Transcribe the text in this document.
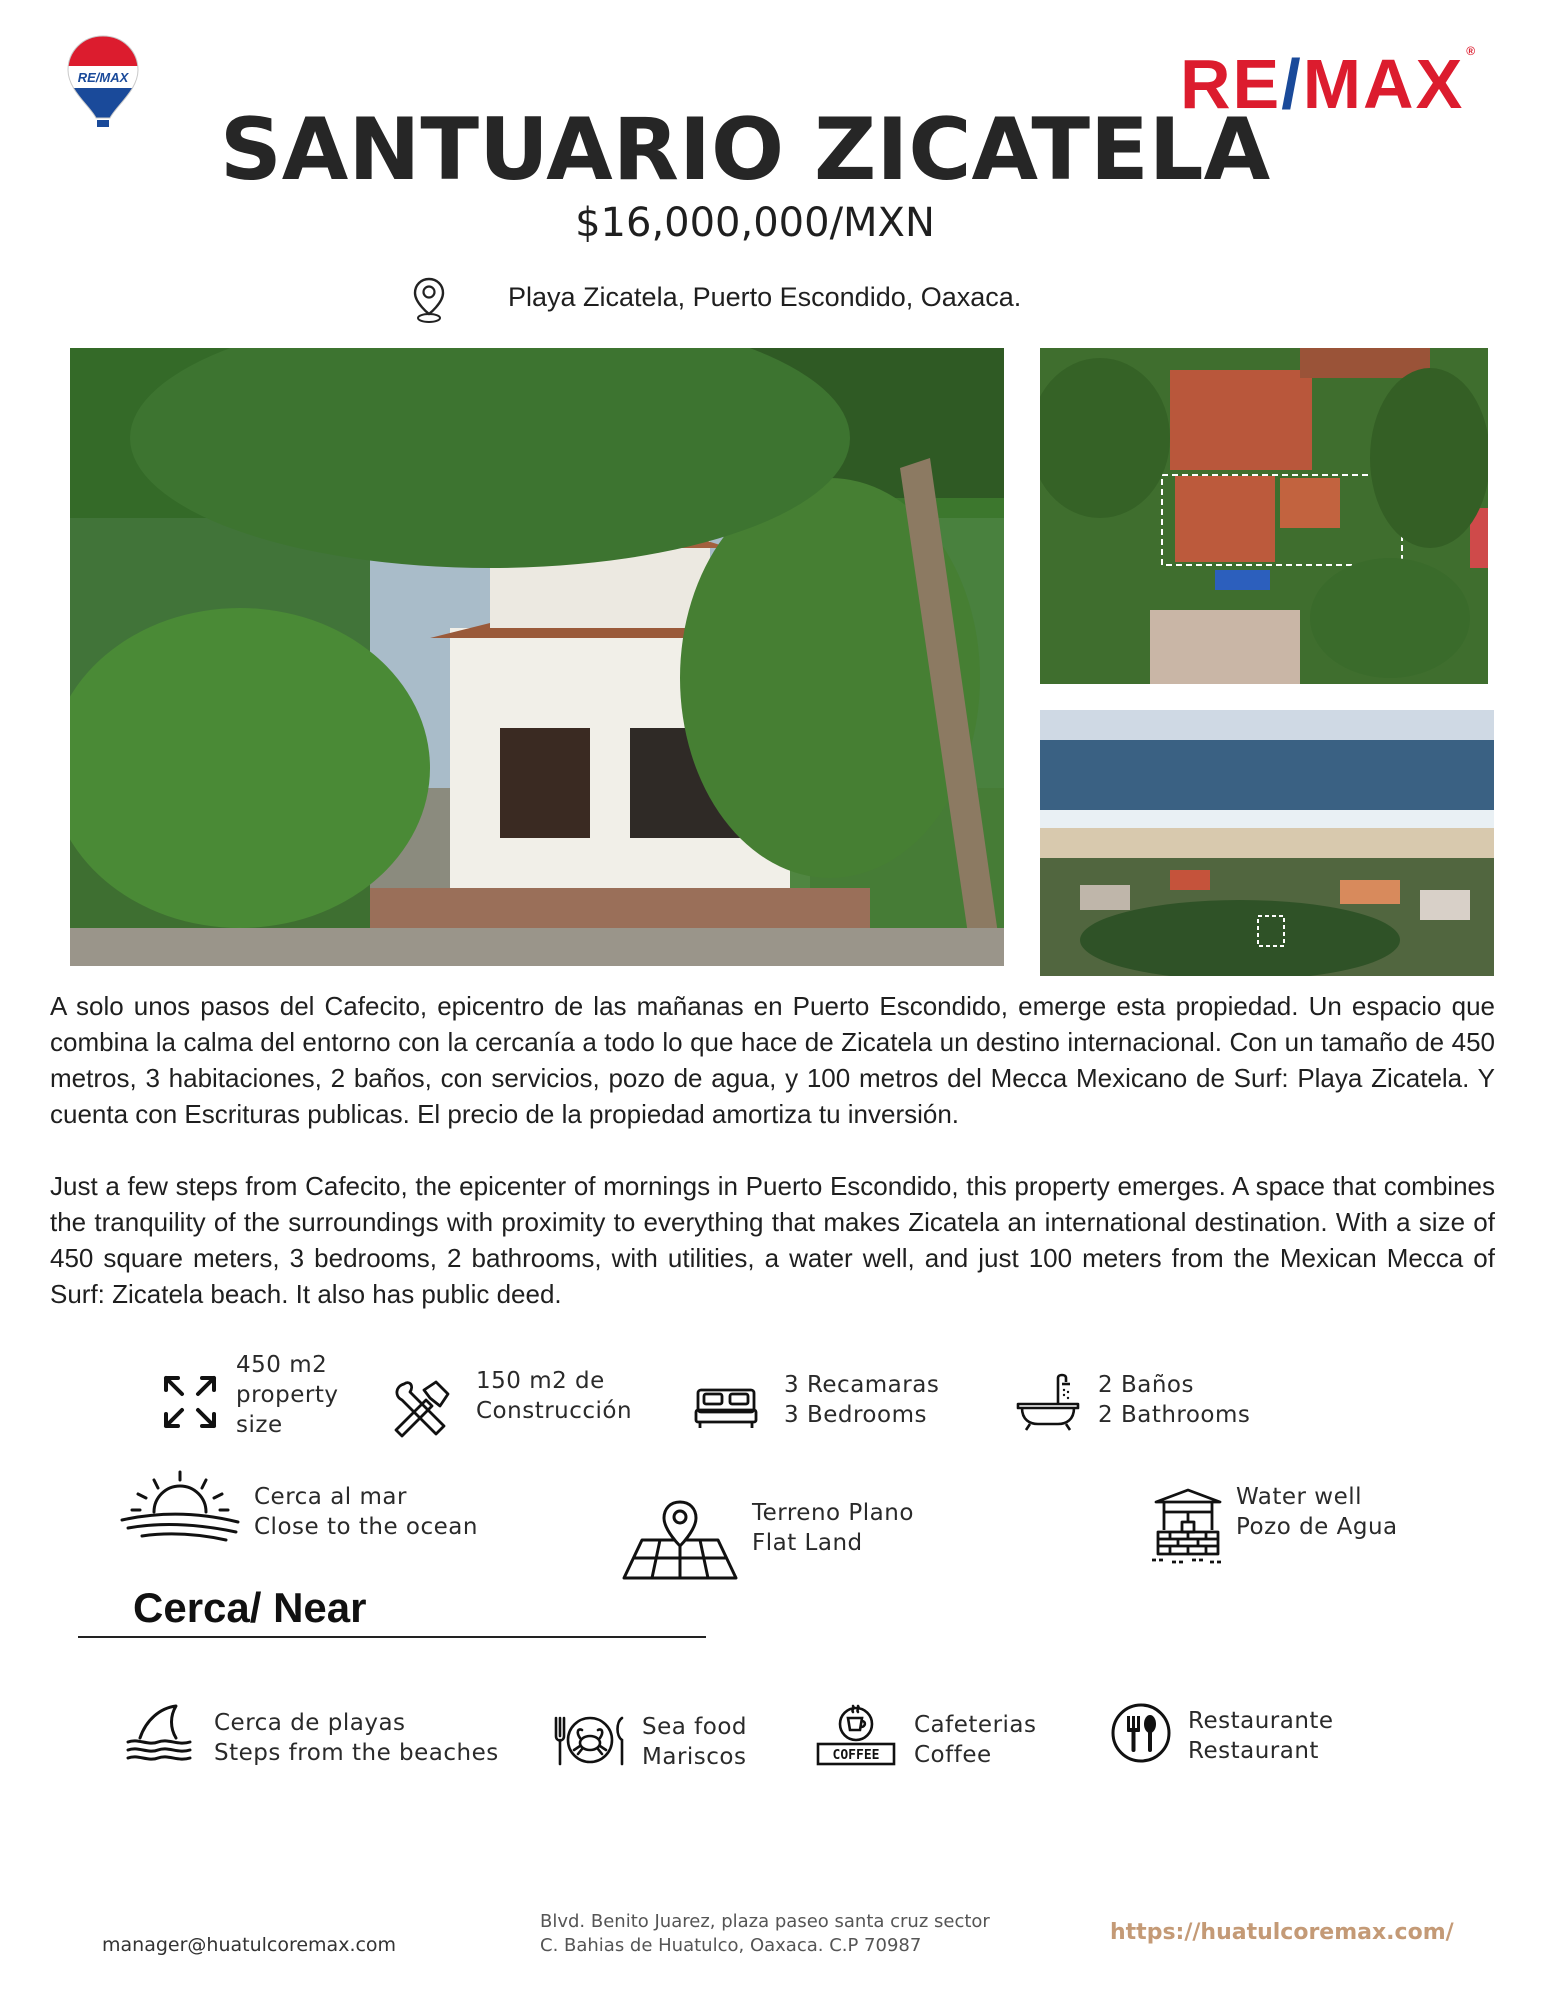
RE/MAX	RE/MAX ®
SANTUARIO ZICATELA
$16,000,000/MXN
Playa Zicatela, Puerto Escondido, Oaxaca.
A solo unos pasos del Cafecito, epicentro de las mañanas en Puerto Escondido, emerge esta propiedad. Un espacio que combina la calma del entorno con la cercanía a todo lo que hace de Zicatela un destino internacional. Con un tamaño de 450 metros, 3 habitaciones, 2 baños, con servicios, pozo de agua, y 100 metros del Mecca Mexicano de Surf: Playa Zicatela. Y cuenta con Escrituras publicas. El precio de la propiedad amortiza tu inversión.
Just a few steps from Cafecito, the epicenter of mornings in Puerto Escondido, this property emerges. A space that combines the tranquility of the surroundings with proximity to everything that makes Zicatela an international destination. With a size of 450 square meters, 3 bedrooms, 2 bathrooms, with utilities, a water well, and just 100 meters from the Mexican Mecca of Surf: Zicatela beach. It also has public deed.
450 m2
property
size
150 m2 de
Construcción
3 Recamaras
3 Bedrooms
2 Baños
2 Bathrooms
Cerca al mar
Close to the ocean
Terreno Plano
Flat Land
Water well
Pozo de Agua
Cerca/ Near
Cerca de playas
Steps from the beaches
Sea food
Mariscos	COFFEE
Cafeterias
Coffee
Restaurante
Restaurant
manager@huatulcoremax.com
Blvd. Benito Juarez, plaza paseo santa cruz sector C. Bahias de Huatulco, Oaxaca. C.P 70987
https://huatulcoremax.com/
